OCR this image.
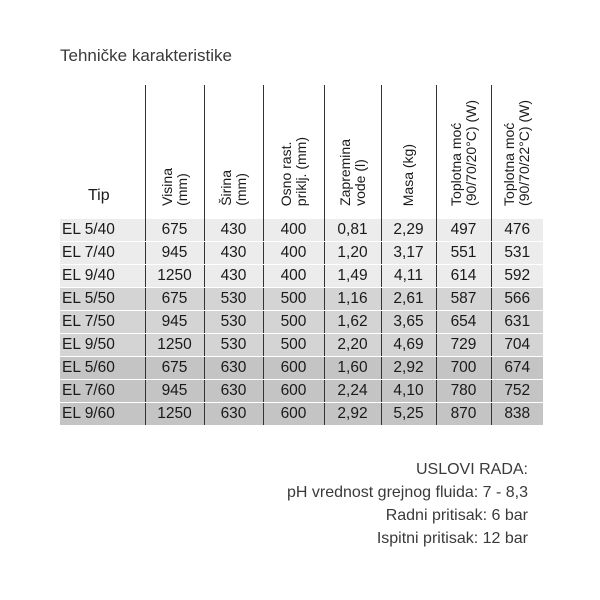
Tehničke karakteristike
Tip	Visina (mm)	Širina (mm)	Osno rast. priklj. (mm)	Zapremina vode (l)	Masa (kg)	Toplotna moć (90/70/20°C) (W)	Toplotna moć (90/70/22°C) (W)

EL 5/40	675	430	400	0,81	2,29	497	476
EL 7/40	945	430	400	1,20	3,17	551	531
EL 9/40	1250	430	400	1,49	4,11	614	592
EL 5/50	675	530	500	1,16	2,61	587	566
EL 7/50	945	530	500	1,62	3,65	654	631
EL 9/50	1250	530	500	2,20	4,69	729	704
EL 5/60	675	630	600	1,60	2,92	700	674
EL 7/60	945	630	600	2,24	4,10	780	752
EL 9/60	1250	630	600	2,92	5,25	870	838
USLOVI RADA:
pH vrednost grejnog fluida: 7 - 8,3
Radni pritisak: 6 bar
Ispitni pritisak: 12 bar
